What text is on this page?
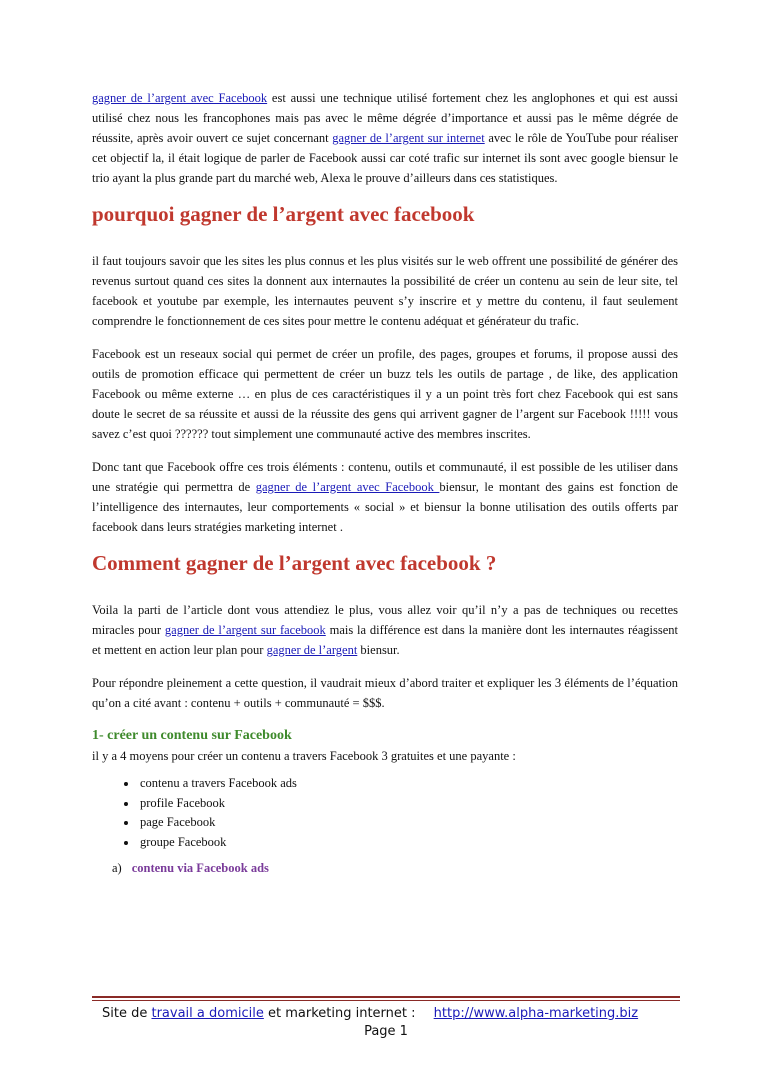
gagner de l’argent avec Facebook est aussi une technique utilisé fortement chez les anglophones et qui est aussi utilisé chez nous les francophones mais pas avec le même dégrée d’importance et aussi pas le même dégrée de réussite, après avoir ouvert ce sujet concernant gagner de l’argent sur internet avec le rôle de YouTube pour réaliser cet objectif la, il était logique de parler de Facebook aussi car coté trafic sur internet ils sont avec google biensur le trio ayant la plus grande part du marché web, Alexa le prouve d’ailleurs dans ces statistiques.

pourquoi gagner de l’argent avec facebook

il faut toujours savoir que les sites les plus connus et les plus visités sur le web offrent une possibilité de générer des revenus surtout quand ces sites la donnent aux internautes la possibilité de créer un contenu au sein de leur site, tel facebook et youtube par exemple, les internautes peuvent s’y inscrire et y mettre du contenu, il faut seulement comprendre le fonctionnement de ces sites pour mettre le contenu adéquat et générateur du trafic.

Facebook est un reseaux social qui permet de créer un profile, des pages, groupes et forums, il propose aussi des outils de promotion efficace qui permettent de créer un buzz tels les outils de partage , de like, des application Facebook ou même externe … en plus de ces caractéristiques il y a un point très fort chez Facebook qui est sans doute le secret de sa réussite et aussi de la réussite des gens qui arrivent gagner de l’argent sur Facebook !!!!! vous savez c’est quoi ?????? tout simplement une communauté active des membres inscrites.

Donc tant que Facebook offre ces trois éléments : contenu, outils et communauté, il est possible de les utiliser dans une stratégie qui permettra de gagner de l’argent avec Facebook biensur, le montant des gains est fonction de l’intelligence des internautes, leur comportements « social » et biensur la bonne utilisation des outils offerts par facebook dans leurs stratégies marketing internet .

Comment gagner de l’argent avec facebook ?

Voila la parti de l’article dont vous attendiez le plus, vous allez voir qu’il n’y a pas de techniques ou recettes miracles pour gagner de l’argent sur facebook mais la différence est dans la manière dont les internautes réagissent et mettent en action leur plan pour gagner de l’argent biensur.

Pour répondre pleinement a cette question, il vaudrait mieux d’abord traiter et expliquer les 3 éléments de l’équation qu’on a cité avant : contenu + outils + communauté = $$$.

1- créer un contenu sur Facebook
il y a 4 moyens pour créer un contenu a travers Facebook 3 gratuites et une payante :
• contenu a travers Facebook ads
• profile Facebook
• page Facebook
• groupe Facebook
a) contenu via Facebook ads
Site de travail a domicile et marketing internet : http://www.alpha-marketing.biz
Page 1
